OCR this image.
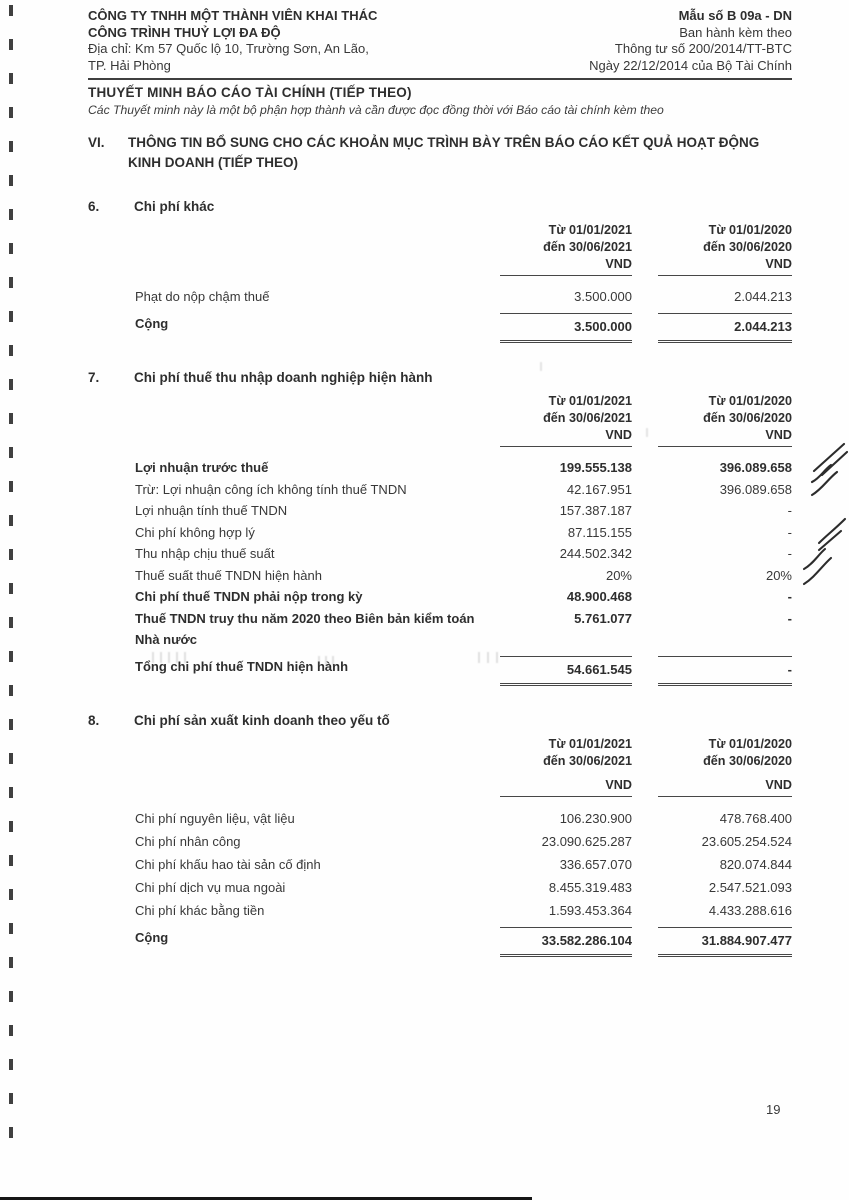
CÔNG TY TNHH MỘT THÀNH VIÊN KHAI THÁC
CÔNG TRÌNH THUỶ LỢI ĐA ĐỘ
Địa chỉ: Km 57 Quốc lộ 10, Trường Sơn, An Lão,
TP. Hải Phòng
Mẫu số B 09a - DN
Ban hành kèm theo
Thông tư số 200/2014/TT-BTC
Ngày 22/12/2014 của Bộ Tài Chính
THUYẾT MINH BÁO CÁO TÀI CHÍNH (TIẾP THEO)
Các Thuyết minh này là một bộ phận hợp thành và cần được đọc đồng thời với Báo cáo tài chính kèm theo
VI.	THÔNG TIN BỔ SUNG CHO CÁC KHOẢN MỤC TRÌNH BÀY TRÊN BÁO CÁO KẾT QUẢ HOẠT ĐỘNG KINH DOANH (TIẾP THEO)
6.	Chi phí khác
Từ 01/01/2021	Từ 01/01/2020
đến 30/06/2021	đến 30/06/2020
VND	VND
Phạt do nộp chậm thuế	3.500.000	2.044.213
Cộng	3.500.000	2.044.213
7.	Chi phí thuế thu nhập doanh nghiệp hiện hành
Từ 01/01/2021	Từ 01/01/2020
đến 30/06/2021	đến 30/06/2020
VND	VND
Lợi nhuận trước thuế	199.555.138	396.089.658
Trừ: Lợi nhuận công ích không tính thuế TNDN	42.167.951	396.089.658
Lợi nhuận tính thuế TNDN	157.387.187	-
Chi phí không hợp lý	87.115.155	-
Thu nhập chịu thuế suất	244.502.342	-
Thuế suất thuế TNDN hiện hành	20%	20%
Chi phí thuế TNDN phải nộp trong kỳ	48.900.468	-
Thuế TNDN truy thu năm 2020 theo Biên bản kiểm toán Nhà nước
5.761.077	-
Tổng chi phí thuế TNDN hiện hành	54.661.545	-
8.	Chi phí sản xuất kinh doanh theo yếu tố
Từ 01/01/2021	Từ 01/01/2020
đến 30/06/2021	đến 30/06/2020
VND	VND
Chi phí nguyên liệu, vật liệu	106.230.900	478.768.400
Chi phí nhân công	23.090.625.287	23.605.254.524
Chi phí khấu hao tài sản cố định	336.657.070	820.074.844
Chi phí dịch vụ mua ngoài	8.455.319.483	2.547.521.093
Chi phí khác bằng tiền	1.593.453.364	4.433.288.616
Cộng	33.582.286.104	31.884.907.477
19
